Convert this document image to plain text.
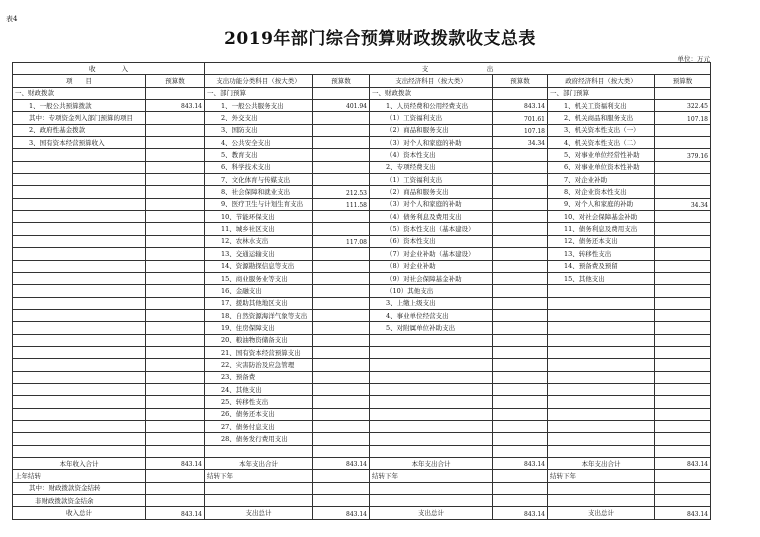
表4
2019年部门综合预算财政拨款收支总表
单位：万元
收　　　　入		支　　　　　　　　　出					
项　　目	预算数	支出功能分类科目（按大类）	预算数	支出经济科目（按大类）	预算数	政府经济科目（按大类）	预算数
一、财政拨款		一、部门预算		一、财政拨款		一、部门预算	
1、一般公共预算拨款	843.14	1、一般公共服务支出	401.94	1、人员经费和公用经费支出	843.14	1、机关工资福利支出	322.45
其中：专项资金列入部门预算的项目		2、外交支出		（1）工资福利支出	701.61	2、机关商品和服务支出	107.18
2、政府性基金拨款		3、国防支出		（2）商品和服务支出	107.18	3、机关资本性支出（一）	
3、国有资本经营预算收入		4、公共安全支出		（3）对个人和家庭的补助	34.34	4、机关资本性支出（二）	
		5、教育支出		（4）资本性支出		5、对事业单位经常性补助	379.16
		6、科学技术支出		2、专项经费支出		6、对事业单位资本性补助	
		7、文化体育与传媒支出		（1）工资福利支出		7、对企业补助	
		8、社会保障和就业支出	212.53	（2）商品和服务支出		8、对企业资本性支出	
		9、医疗卫生与计划生育支出	111.58	（3）对个人和家庭的补助		9、对个人和家庭的补助	34.34
		10、节能环保支出		（4）债务利息及费用支出		10、对社会保障基金补助	
		11、城乡社区支出		（5）资本性支出（基本建设）		11、债务利息及费用支出	
		12、农林水支出	117.08	（6）资本性支出		12、债务还本支出	
		13、交通运输支出		（7）对企业补助（基本建设）		13、转移性支出	
		14、资源勘探信息等支出		（8）对企业补助		14、预备费及预留	
		15、商业服务业等支出		（9）对社会保障基金补助		15、其他支出	
		16、金融支出		（10）其他支出			
		17、援助其他地区支出		3、上缴上级支出			
		18、自然资源海洋气象等支出		4、事业单位经营支出			
		19、住房保障支出		5、对附属单位补助支出			
		20、粮油物资储备支出					
		21、国有资本经营预算支出					
		22、灾害防治及应急管理					
		23、预备费					
		24、其他支出					
		25、转移性支出					
		26、债务还本支出					
		27、债务付息支出					
		28、债务发行费用支出					

本年收入合计	843.14	本年支出合计	843.14	本年支出合计	843.14	本年支出合计	843.14
上年结转		结转下年		结转下年		结转下年	
其中：财政拨款资金结转							
非财政拨款资金结余							
收入总计	843.14	支出总计	843.14	支出总计	843.14	支出总计	843.14
